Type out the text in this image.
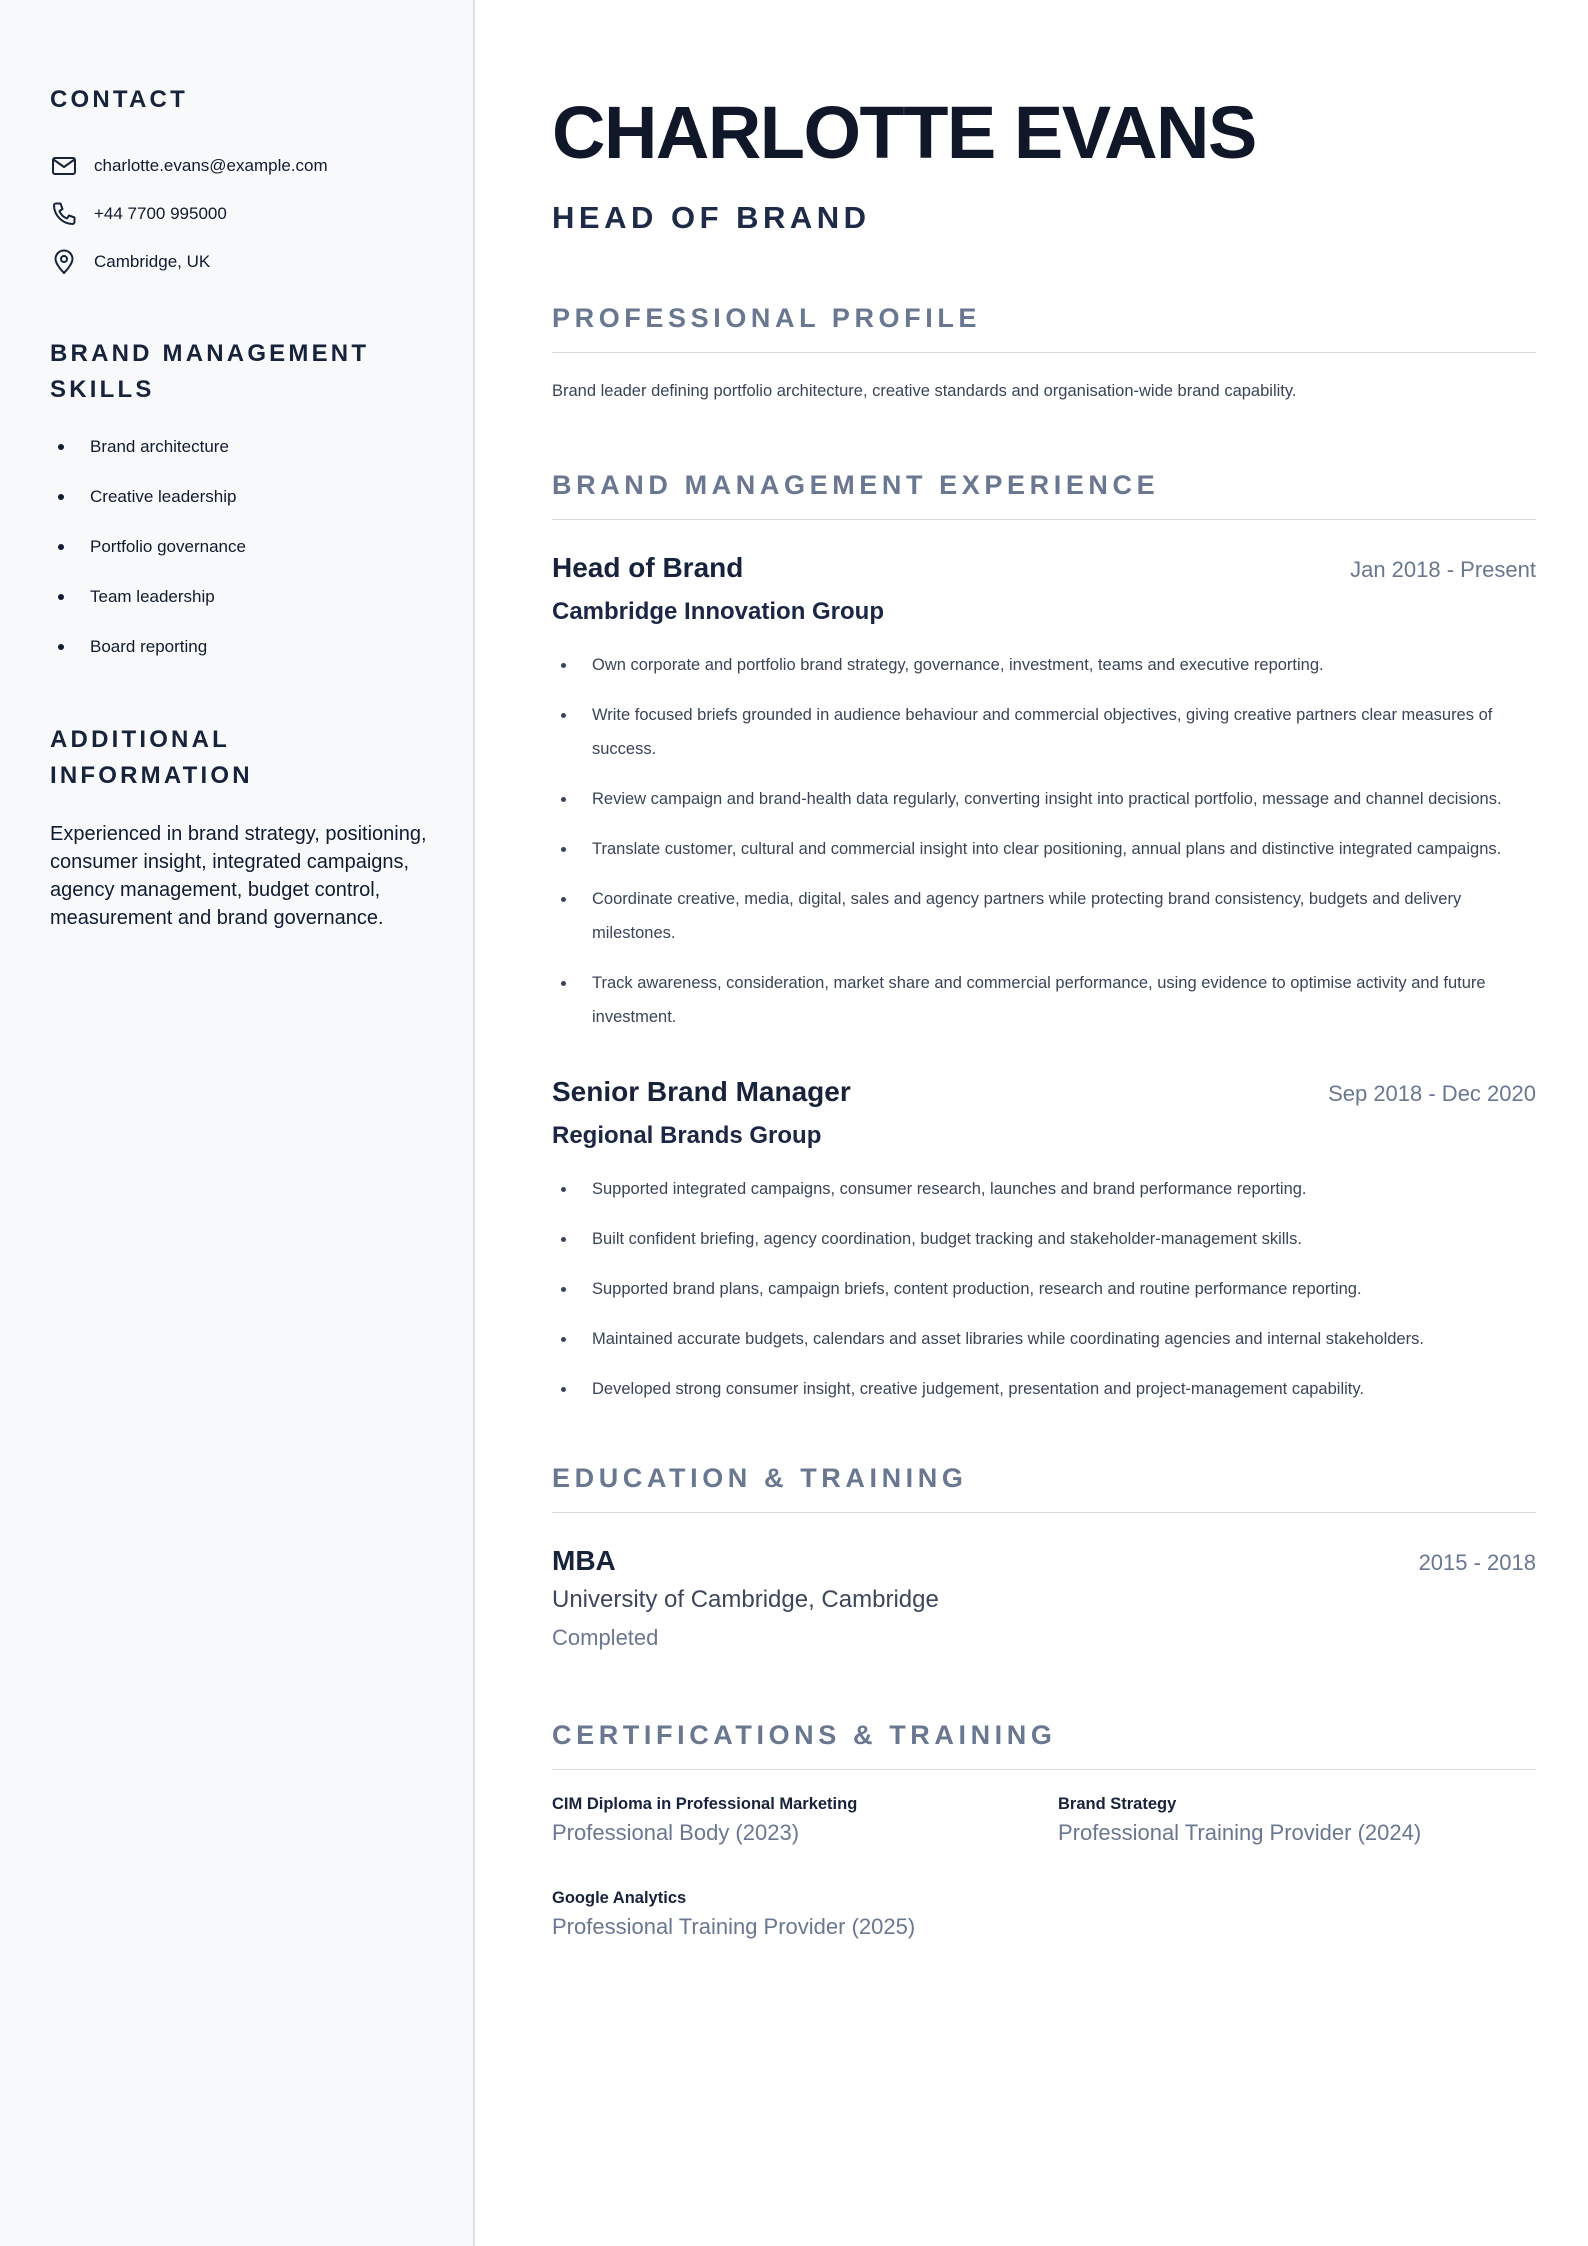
CONTACT
charlotte.evans@example.com
+44 7700 995000
Cambridge, UK
BRAND MANAGEMENT SKILLS
Brand architecture
Creative leadership
Portfolio governance
Team leadership
Board reporting
ADDITIONAL INFORMATION

Experienced in brand strategy, positioning, consumer insight, integrated campaigns, agency management, budget control, measurement and brand governance.

CHARLOTTE EVANS
HEAD OF BRAND
PROFESSIONAL PROFILE

Brand leader defining portfolio architecture, creative standards and organisation-wide brand capability.

BRAND MANAGEMENT EXPERIENCE
Head of Brand	Jan 2018 - Present
Cambridge Innovation Group
Own corporate and portfolio brand strategy, governance, investment, teams and executive reporting.
Write focused briefs grounded in audience behaviour and commercial objectives, giving creative partners clear measures of success.
Review campaign and brand-health data regularly, converting insight into practical portfolio, message and channel decisions.
Translate customer, cultural and commercial insight into clear positioning, annual plans and distinctive integrated campaigns.
Coordinate creative, media, digital, sales and agency partners while protecting brand consistency, budgets and delivery milestones.
Track awareness, consideration, market share and commercial performance, using evidence to optimise activity and future investment.
Senior Brand Manager	Sep 2018 - Dec 2020
Regional Brands Group
Supported integrated campaigns, consumer research, launches and brand performance reporting.
Built confident briefing, agency coordination, budget tracking and stakeholder-management skills.
Supported brand plans, campaign briefs, content production, research and routine performance reporting.
Maintained accurate budgets, calendars and asset libraries while coordinating agencies and internal stakeholders.
Developed strong consumer insight, creative judgement, presentation and project-management capability.
EDUCATION & TRAINING
MBA	2015 - 2018
University of Cambridge, Cambridge
Completed
CERTIFICATIONS & TRAINING
CIM Diploma in Professional Marketing
Professional Body (2023)
Brand Strategy
Professional Training Provider (2024)
Google Analytics
Professional Training Provider (2025)
